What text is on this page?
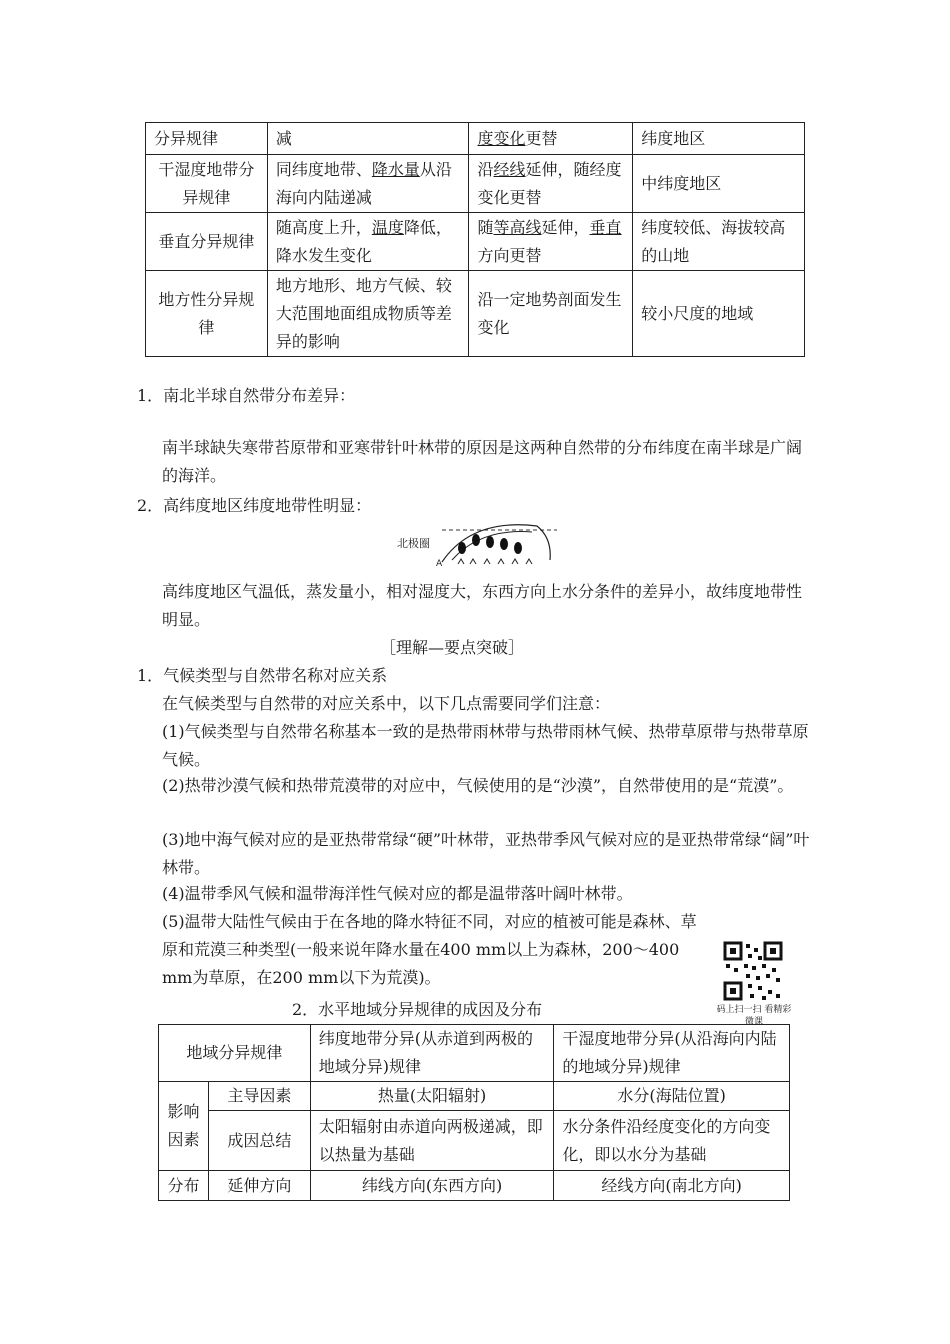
分异规律	减	度变化更替	纬度地区
干湿度地带分异规律	同纬度地带、降水量从沿海向内陆递减	沿经线延伸，随经度变化更替	中纬度地区
垂直分异规律	随高度上升，温度降低，降水发生变化	随等高线延伸，垂直方向更替	纬度较低、海拔较高的山地
地方性分异规律	地方地形、地方气候、较大范围地面组成物质等差异的影响	沿一定地势剖面发生变化	较小尺度的地域
1．南北半球自然带分布差异：
南半球缺失寒带苔原带和亚寒带针叶林带的原因是这两种自然带的分布纬度在南半球是广阔的海洋。
2．高纬度地区纬度地带性明显：
北极圈
A
高纬度地区气温低，蒸发量小，相对湿度大，东西方向上水分条件的差异小，故纬度地带性明显。
［理解—要点突破］
1．气候类型与自然带名称对应关系
在气候类型与自然带的对应关系中，以下几点需要同学们注意：
(1)气候类型与自然带名称基本一致的是热带雨林带与热带雨林气候、热带草原带与热带草原气候。
(2)热带沙漠气候和热带荒漠带的对应中，气候使用的是“沙漠”，自然带使用的是“荒漠”。
(3)地中海气候对应的是亚热带常绿“硬”叶林带，亚热带季风气候对应的是亚热带常绿“阔”叶林带。
(4)温带季风气候和温带海洋性气候对应的都是温带落叶阔叶林带。
(5)温带大陆性气候由于在各地的降水特征不同，对应的植被可能是森林、草原和荒漠三种类型(一般来说年降水量在400 mm以上为森林，200～400 mm为草原，在200 mm以下为荒漠)。
码上扫一扫 看精彩微课
2．水平地域分异规律的成因及分布
地域分异规律		纬度地带分异(从赤道到两极的地域分异)规律	干湿度地带分异(从沿海向内陆的地域分异)规律
影响因素	主导因素	热量(太阳辐射)	水分(海陆位置)
	成因总结	太阳辐射由赤道向两极递减，即以热量为基础	水分条件沿经度变化的方向变化，即以水分为基础
分布	延伸方向	纬线方向(东西方向)	经线方向(南北方向)
